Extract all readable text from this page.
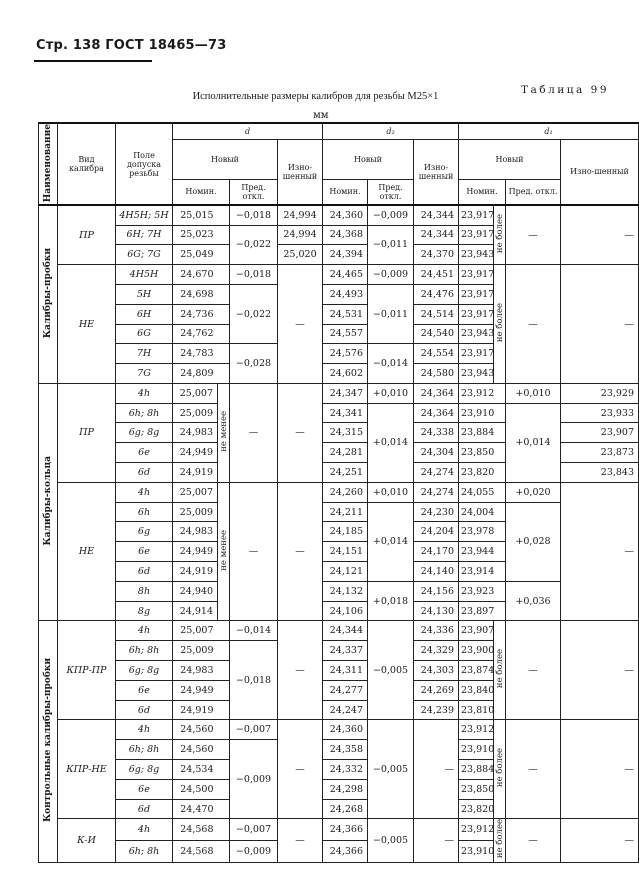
Стр. 138 ГОСТ 18465—73
Таблица 99
Исполнительные размеры калибров для резьбы M25×1
мм
Наименование	Вид калибра	Поле допуска резьбы	d				d₂			d₁			
			Новый			Изно-шенный	Новый		Изно-шенный	Новый			Изно-шенный
			Номин.		Пред. откл.		Номин.	Пред. откл.		Номин.		Пред. откл.	
Калибры-пробки	ПР	4H5H; 5H	25,015		−0,018	24,994	24,360	−0,009	24,344	23,917	не более	—	—
		6H; 7H	25,023		−0,022	24,994	24,368	−0,011	24,344	23,917			
		6G; 7G	25,049			25,020	24,394		24,370	23,943			
	НЕ	4H5H	24,670		−0,018	—	24,465	−0,009	24,451	23,917	не более	—	—
		5H	24,698		−0,022		24,493	−0,011	24,476	23,917			
		6H	24,736				24,531		24,514	23,917			
		6G	24,762				24,557		24,540	23,943			
		7H	24,783		−0,028		24,576	−0,014	24,554	23,917			
		7G	24,809				24,602		24,580	23,943			
Калибры-кольца	ПР	4h	25,007	не менее	—	—	24,347	+0,010	24,364	23,912		+0,010	23,929
		6h; 8h	25,009				24,341	+0,014	24,364	23,910		+0,014	23,933
		6g; 8g	24,983				24,315		24,338	23,884			23,907
		6e	24,949				24,281		24,304	23,850			23,873
		6d	24,919				24,251		24,274	23,820			23,843
	НЕ	4h	25,007	не менее	—	—	24,260	+0,010	24,274	24,055		+0,020	—
		6h	25,009				24,211	+0,014	24,230	24,004		+0,028	
		6g	24,983				24,185		24,204	23,978			
		6e	24,949				24,151		24,170	23,944			
		6d	24,919				24,121		24,140	23,914			
		8h	24,940				24,132	+0,018	24,156	23,923		+0,036	
		8g	24,914				24,106		24,130	23,897			
Контрольные калибры-пробки	КПР-ПР	4h	25,007		−0,014	—	24,344	−0,005	24,336	23,907	не более	—	—
		6h; 8h	25,009		−0,018		24,337		24,329	23,900			
		6g; 8g	24,983				24,311		24,303	23,874			
		6e	24,949				24,277		24,269	23,840			
		6d	24,919				24,247		24,239	23,810			
	КПР-НЕ	4h	24,560		−0,007	—	24,360	−0,005	—	23,912	не более	—	—
		6h; 8h	24,560		−0,009		24,358			23,910			
		6g; 8g	24,534				24,332			23,884			
		6e	24,500				24,298			23,850			
		6d	24,470				24,268			23,820			
	К-И	4h	24,568		−0,007	—	24,366	−0,005	—	23,912	не более	—	—
		6h; 8h	24,568		−0,009		24,366			23,910			
